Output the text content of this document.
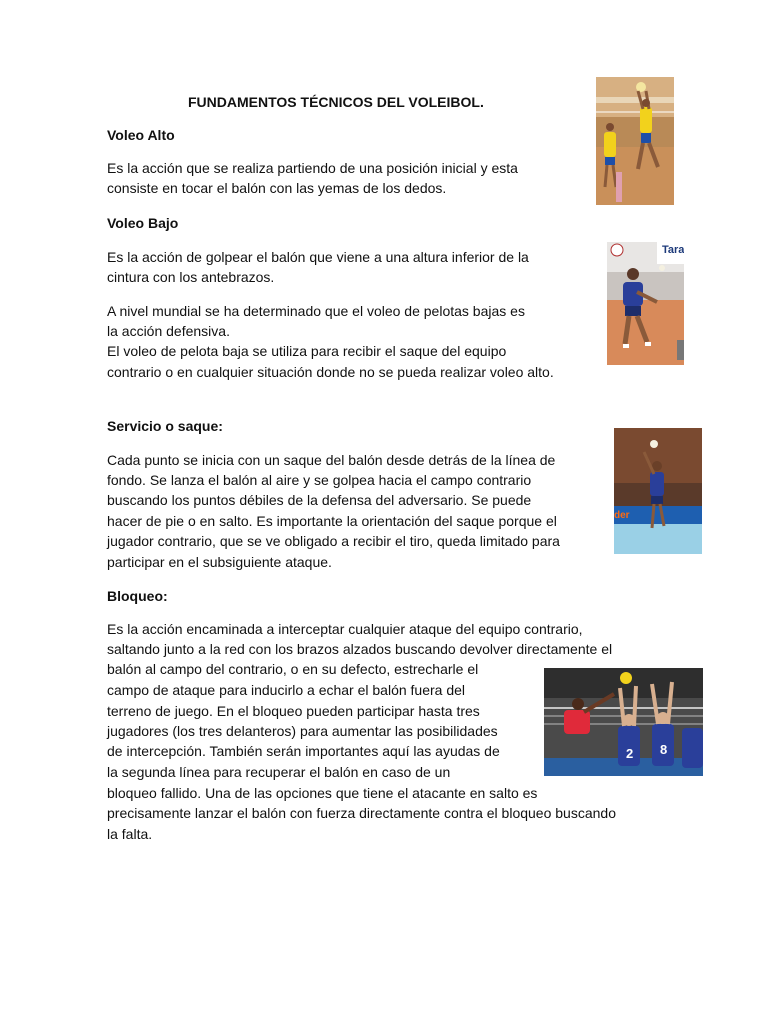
FUNDAMENTOS TÉCNICOS DEL VOLEIBOL.

Voleo Alto

Es la acción que se realiza partiendo de una posición inicial y esta

consiste en tocar el balón con las yemas de los dedos.

Voleo Bajo

Es la acción de golpear el balón que viene a una altura inferior de la

cintura con los antebrazos.

A nivel mundial se ha determinado que el voleo de pelotas bajas es

la acción defensiva.

El voleo de pelota baja se utiliza para recibir el saque del equipo

contrario o en cualquier situación donde no se pueda realizar voleo alto.

Servicio o saque:

Cada punto se inicia con un saque del balón desde detrás de la línea de

fondo. Se lanza el balón al aire y se golpea hacia el campo contrario

buscando los puntos débiles de la defensa del adversario. Se puede

hacer de pie o en salto. Es importante la orientación del saque porque el

jugador contrario, que se ve obligado a recibir el tiro, queda limitado para

participar en el subsiguiente ataque.

Bloqueo:

Es la acción encaminada a interceptar cualquier ataque del equipo contrario,

saltando junto a la red con los brazos alzados buscando devolver directamente el

balón al campo del contrario, o en su defecto, estrecharle el

campo de ataque para inducirlo a echar el balón fuera del

terreno de juego. En el bloqueo pueden participar hasta tres

jugadores (los tres delanteros) para aumentar las posibilidades

de intercepción. También serán importantes aquí las ayudas de

la segunda línea para recuperar el balón en caso de un

bloqueo fallido. Una de las opciones que tiene el atacante en salto es

precisamente lanzar el balón con fuerza directamente contra el bloqueo buscando

la falta.

Tara
der
2 8
